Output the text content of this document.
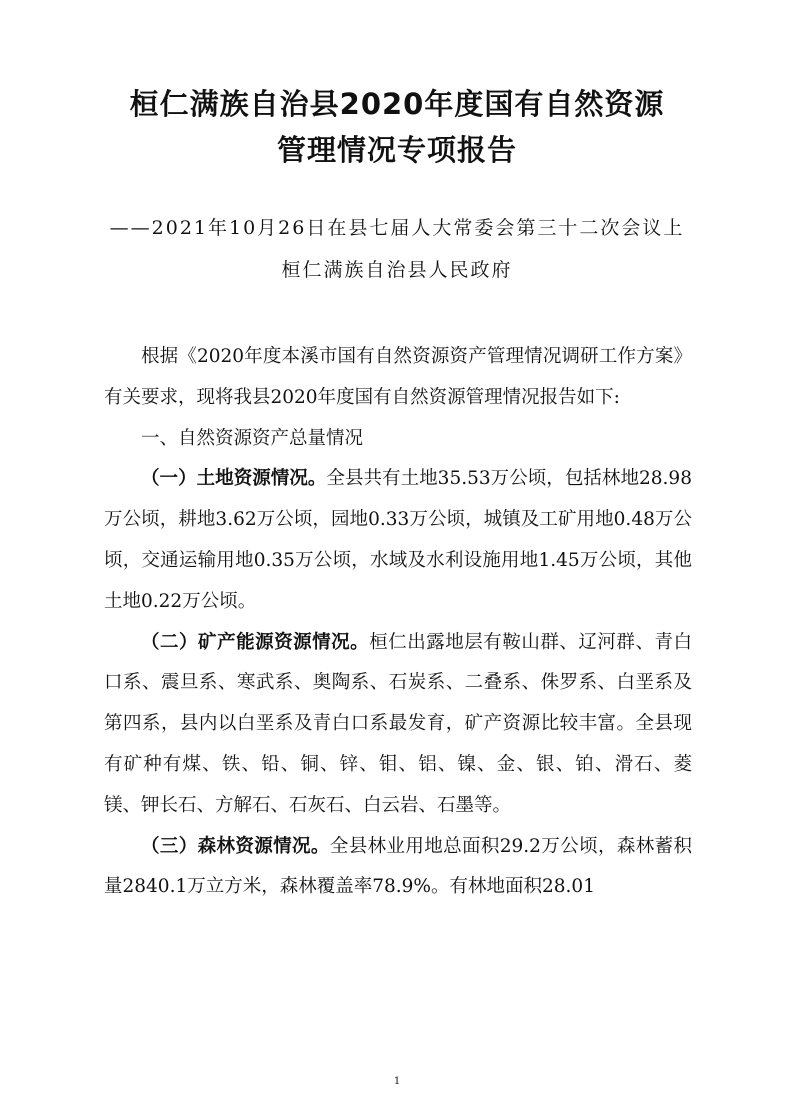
桓仁满族自治县2020年度国有自然资源
管理情况专项报告
——2021年10月26日在县七届人大常委会第三十二次会议上
桓仁满族自治县人民政府

根据《2020年度本溪市国有自然资源资产管理情况调研工作方案》有关要求，现将我县2020年度国有自然资源管理情况报告如下:

一、自然资源资产总量情况

（一）土地资源情况。全县共有土地35.53万公顷，包括林地28.98万公顷，耕地3.62万公顷，园地0.33万公顷，城镇及工矿用地0.48万公顷，交通运输用地0.35万公顷，水域及水利设施用地1.45万公顷，其他土地0.22万公顷。

（二）矿产能源资源情况。桓仁出露地层有鞍山群、辽河群、青白口系、震旦系、寒武系、奥陶系、石炭系、二叠系、侏罗系、白垩系及第四系，县内以白垩系及青白口系最发育，矿产资源比较丰富。全县现有矿种有煤、铁、铅、铜、锌、钼、铝、镍、金、银、铂、滑石、菱镁、钾长石、方解石、石灰石、白云岩、石墨等。

（三）森林资源情况。全县林业用地总面积29.2万公顷，森林蓄积量2840.1万立方米，森林覆盖率78.9%。有林地面积28.01

1
